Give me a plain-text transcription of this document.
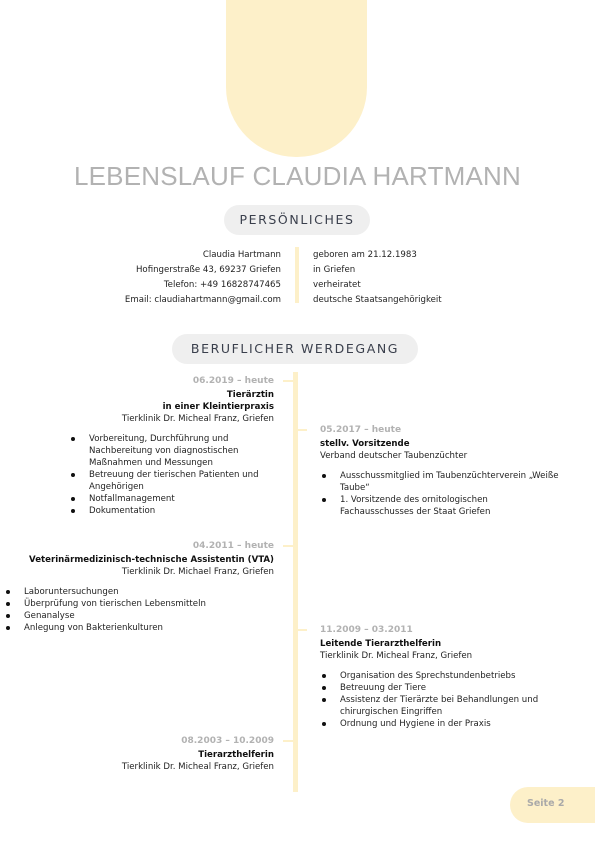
LEBENSLAUF CLAUDIA HARTMANN
PERSÖNLICHES
Claudia Hartmann
Hofingerstraße 43, 69237 Griefen
Telefon: +49 16828747465
Email: claudiahartmann@gmail.com
geboren am 21.12.1983
in Griefen
verheiratet
deutsche Staatsangehörigkeit
BERUFLICHER WERDEGANG
06.2019 – heute
Tierärztin
in einer Kleintierpraxis
Tierklinik Dr. Micheal Franz, Griefen
Vorbereitung, Durchführung und Nachbereitung von diagnostischen Maßnahmen und Messungen
Betreuung der tierischen Patienten und Angehörigen
Notfallmanagement
Dokumentation
05.2017 – heute
stellv. Vorsitzende
Verband deutscher Taubenzüchter
Ausschussmitglied im Taubenzüchterverein „Weiße Taube“
1. Vorsitzende des ornitologischen Fachausschusses der Staat Griefen
04.2011 – heute
Veterinärmedizinisch-technische Assistentin (VTA)
Tierklinik Dr. Michael Franz, Griefen
Laboruntersuchungen
Überprüfung von tierischen Lebensmitteln
Genanalyse
Anlegung von Bakterienkulturen	11.2009 – 03.2011
Leitende Tierarzthelferin
Tierklinik Dr. Micheal Franz, Griefen
Organisation des Sprechstundenbetriebs
Betreuung der Tiere
Assistenz der Tierärzte bei Behandlungen und chirurgischen Eingriffen
Ordnung und Hygiene in der Praxis
08.2003 – 10.2009
Tierarzthelferin
Tierklinik Dr. Micheal Franz, Griefen
Seite 2
